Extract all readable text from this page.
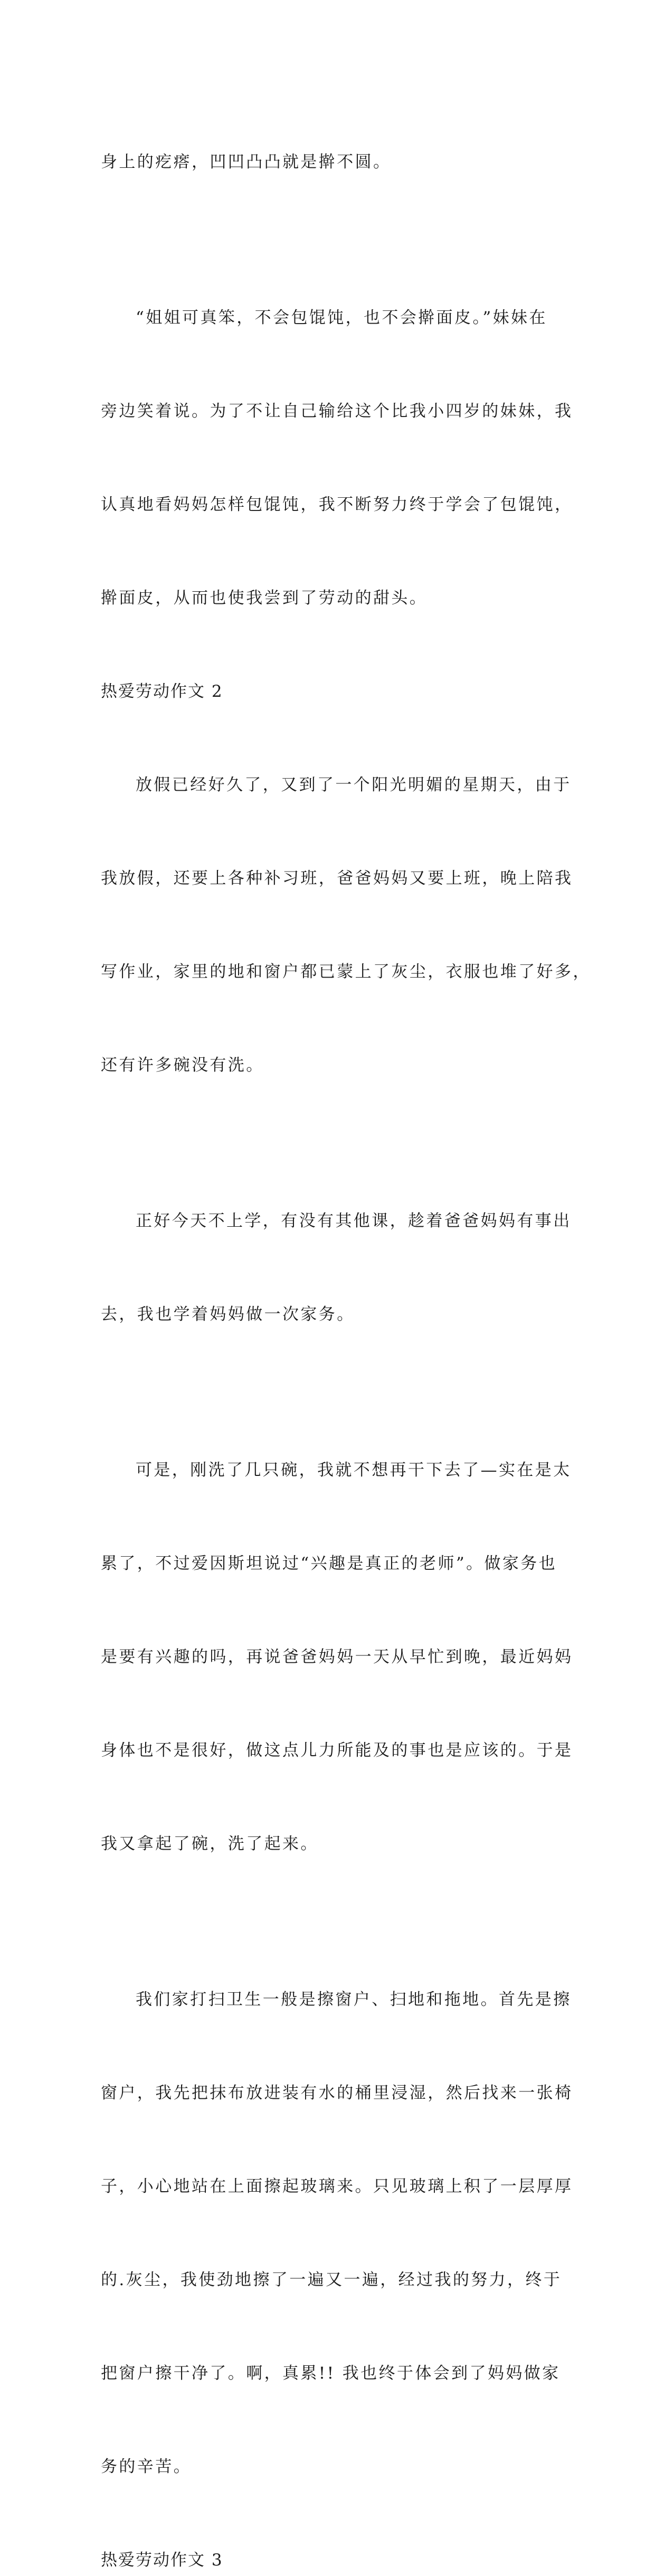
身上的疙瘩，凹凹凸凸就是擀不圆。

“姐姐可真笨，不会包馄饨，也不会擀面皮。”妹妹在

旁边笑着说。为了不让自己输给这个比我小四岁的妹妹，我

认真地看妈妈怎样包馄饨，我不断努力终于学会了包馄饨，

擀面皮，从而也使我尝到了劳动的甜头。

热爱劳动作文 2

放假已经好久了，又到了一个阳光明媚的星期天，由于

我放假，还要上各种补习班，爸爸妈妈又要上班，晚上陪我

写作业，家里的地和窗户都已蒙上了灰尘，衣服也堆了好多，

还有许多碗没有洗。

正好今天不上学，有没有其他课，趁着爸爸妈妈有事出

去，我也学着妈妈做一次家务。

可是，刚洗了几只碗，我就不想再干下去了—实在是太

累了，不过爱因斯坦说过“兴趣是真正的老师”。做家务也

是要有兴趣的吗，再说爸爸妈妈一天从早忙到晚，最近妈妈

身体也不是很好，做这点儿力所能及的事也是应该的。于是

我又拿起了碗，洗了起来。

我们家打扫卫生一般是擦窗户、扫地和拖地。首先是擦

窗户，我先把抹布放进装有水的桶里浸湿，然后找来一张椅

子，小心地站在上面擦起玻璃来。只见玻璃上积了一层厚厚

的.灰尘，我使劲地擦了一遍又一遍，经过我的努力，终于

把窗户擦干净了。啊，真累!! 我也终于体会到了妈妈做家

务的辛苦。

热爱劳动作文 3
